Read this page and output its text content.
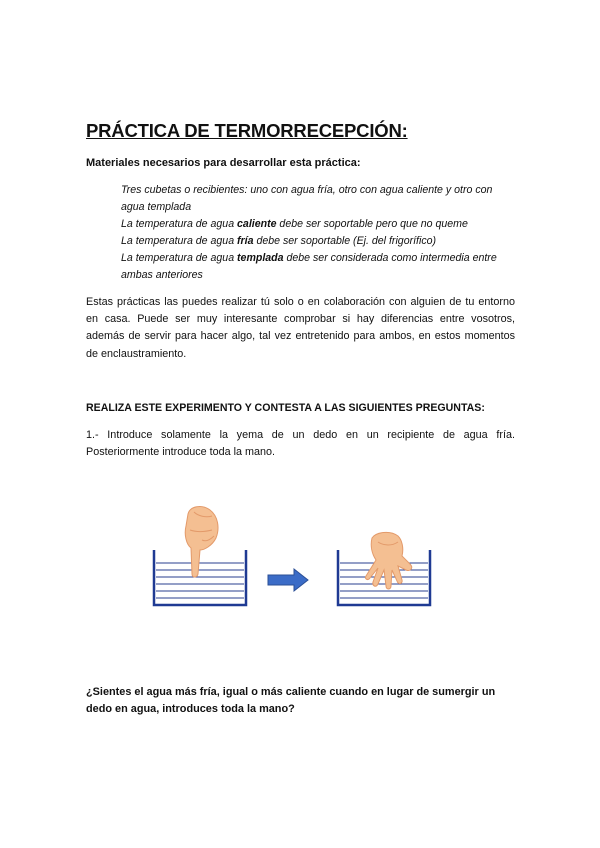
PRÁCTICA DE TERMORRECEPCIÓN:

Materiales necesarios para desarrollar esta práctica:

Tres cubetas o recibientes: uno con agua fría, otro con agua caliente y otro con agua templada
La temperatura de agua caliente debe ser soportable pero que no queme
La temperatura de agua fría debe ser soportable (Ej. del frigorífico)
La temperatura de agua templada debe ser considerada como intermedia entre ambas anteriores

Estas prácticas las puedes realizar tú solo o en colaboración con alguien de tu entorno en casa. Puede ser muy interesante comprobar si hay diferencias entre vosotros, además de servir para hacer algo, tal vez entretenido para ambos, en estos momentos de enclaustramiento.

REALIZA ESTE EXPERIMENTO Y CONTESTA A LAS SIGUIENTES PREGUNTAS:

1.- Introduce solamente la yema de un dedo en un recipiente de agua fría. Posteriormente introduce toda la mano.

¿Sientes el agua más fría, igual o más caliente cuando en lugar de sumergir un dedo en agua, introduces toda la mano?
